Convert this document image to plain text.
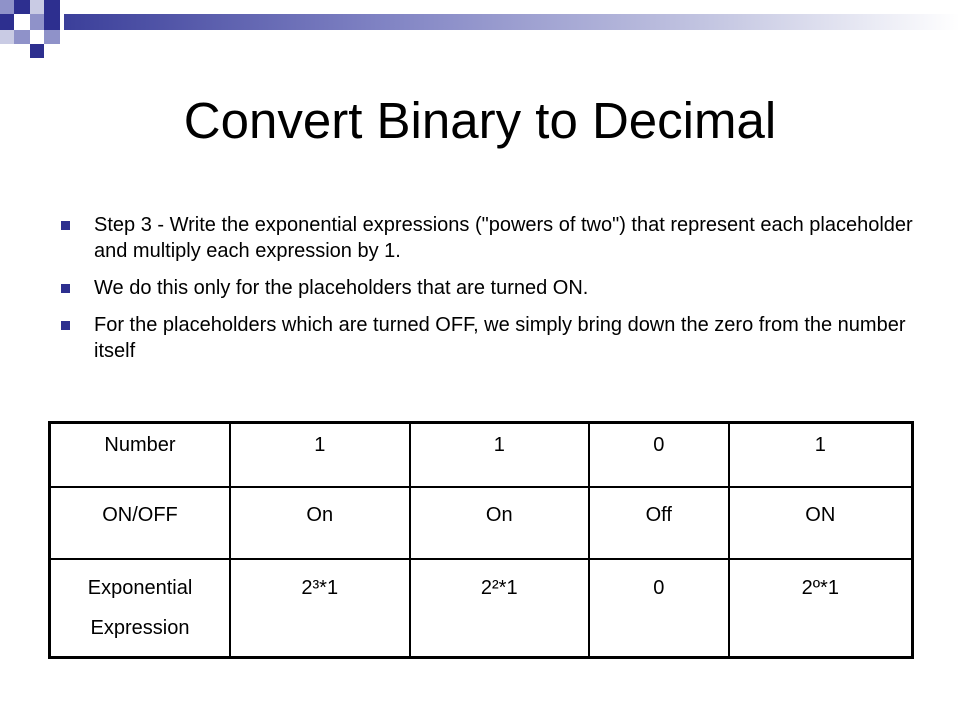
Convert Binary to Decimal
Step 3 - Write the exponential expressions ("powers of two") that represent each placeholder and multiply each expression by 1.
We do this only for the placeholders that are turned ON.
For the placeholders which are turned OFF, we simply bring down the zero from the number itself
Number	1	1	0	1

ON/OFF	On	On	Off	ON

Exponential
Expression	2³*1	2²*1	0	2º*1
